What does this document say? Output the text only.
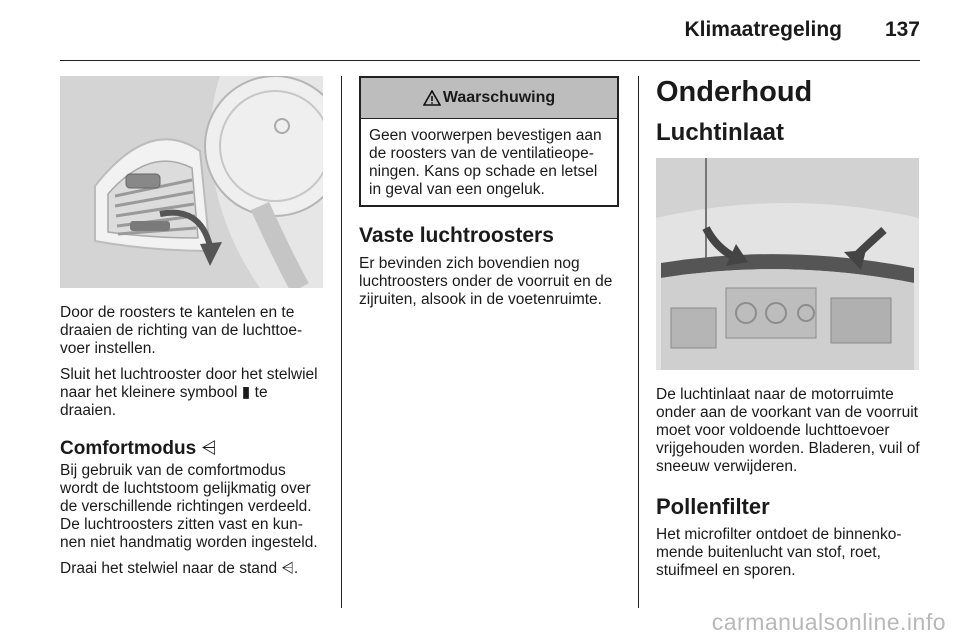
Klimaatregeling 137

Door de roosters te kantelen en te draaien de richting van de luchttoe- voer instellen.

Sluit het luchtrooster door het stelwiel naar het kleinere symbool ▮ te draaien.

Comfortmodus ⩤

Bij gebruik van de comfortmodus wordt de luchtstoom gelijkmatig over de verschillende richtingen verdeeld. De luchtroosters zitten vast en kun- nen niet handmatig worden ingesteld.

Draai het stelwiel naar de stand ⩤.

Waarschuwing
Geen voorwerpen bevestigen aan de roosters van de ventilatieope- ningen. Kans op schade en letsel in geval van een ongeluk.
Vaste luchtroosters

Er bevinden zich bovendien nog luchtroosters onder de voorruit en de zijruiten, alsook in de voetenruimte.

Onderhoud
Luchtinlaat

De luchtinlaat naar de motorruimte onder aan de voorkant van de voorruit moet voor voldoende luchttoevoer vrijgehouden worden. Bladeren, vuil of sneeuw verwijderen.

Pollenfilter

Het microfilter ontdoet de binnenko- mende buitenlucht van stof, roet, stuifmeel en sporen.

carmanualsonline.info
